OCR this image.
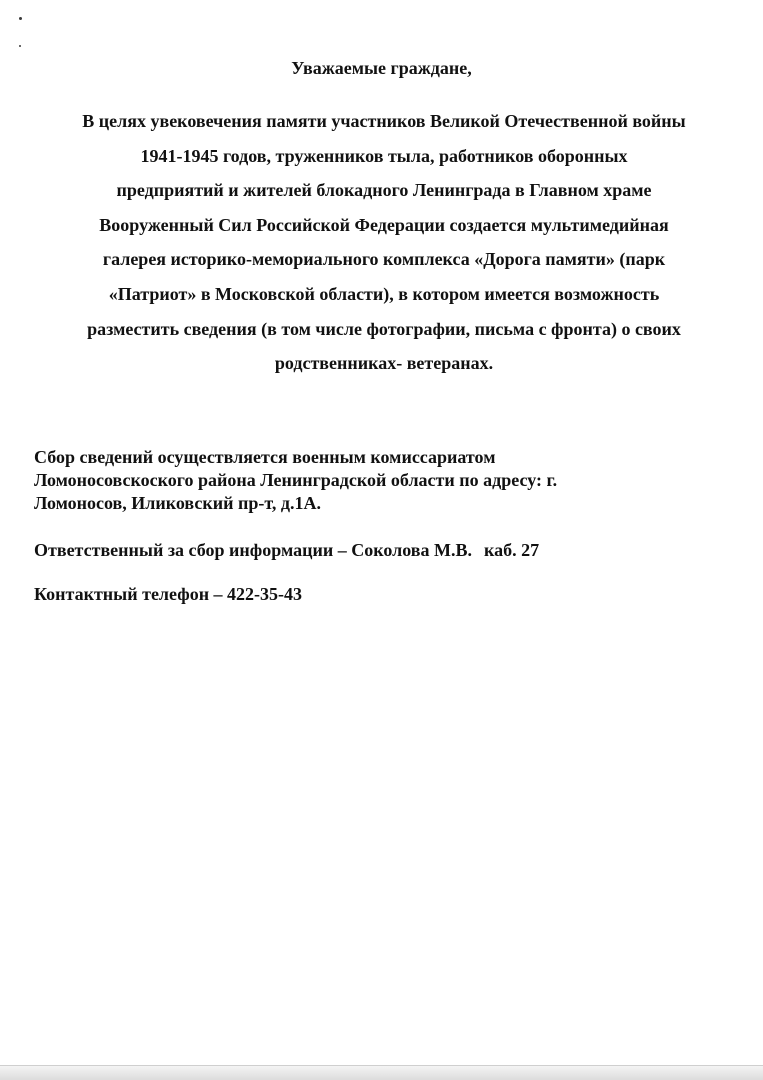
Уважаемые граждане,

В целях увековечения памяти участников Великой Отечественной войны
1941-1945 годов, труженников тыла, работников оборонных
предприятий и жителей блокадного Ленинграда в Главном храме
Вооруженный Сил Российской Федерации создается мультимедийная
галерея историко-мемориального комплекса «Дорога памяти» (парк
«Патриот» в Московской области), в котором имеется возможность
разместить сведения (в том числе фотографии, письма с фронта) о своих
родственниках- ветеранах.

Сбор сведений осуществляется военным комиссариатом
Ломоносовскоского района Ленинградской области по адресу: г.
Ломоносов, Иликовский пр-т, д.1А.

Ответственный за сбор информации – Соколова М.В. каб. 27

Контактный телефон – 422-35-43
